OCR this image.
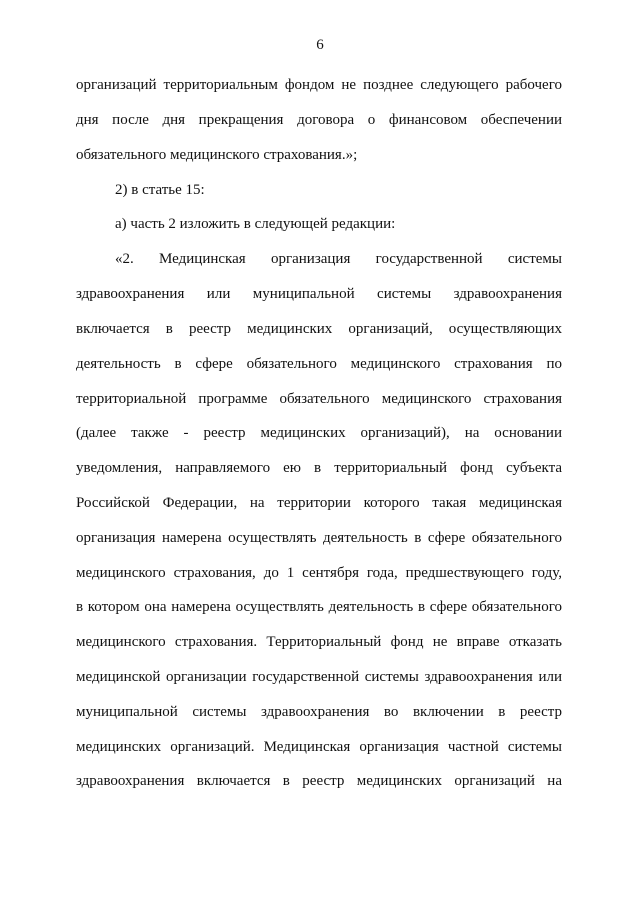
6
организаций территориальным фондом не позднее следующего рабочего
дня после дня прекращения договора о финансовом обеспечении
обязательного медицинского страхования.»;
2) в статье 15:
а) часть 2 изложить в следующей редакции:
«2. Медицинская организация государственной системы
здравоохранения или муниципальной системы здравоохранения
включается в реестр медицинских организаций, осуществляющих
деятельность в сфере обязательного медицинского страхования по
территориальной программе обязательного медицинского страхования
(далее также - реестр медицинских организаций), на основании
уведомления, направляемого ею в территориальный фонд субъекта
Российской Федерации, на территории которого такая медицинская
организация намерена осуществлять деятельность в сфере обязательного
медицинского страхования, до 1 сентября года, предшествующего году,
в котором она намерена осуществлять деятельность в сфере обязательного
медицинского страхования. Территориальный фонд не вправе отказать
медицинской организации государственной системы здравоохранения или
муниципальной системы здравоохранения во включении в реестр
медицинских организаций. Медицинская организация частной системы
здравоохранения включается в реестр медицинских организаций на
